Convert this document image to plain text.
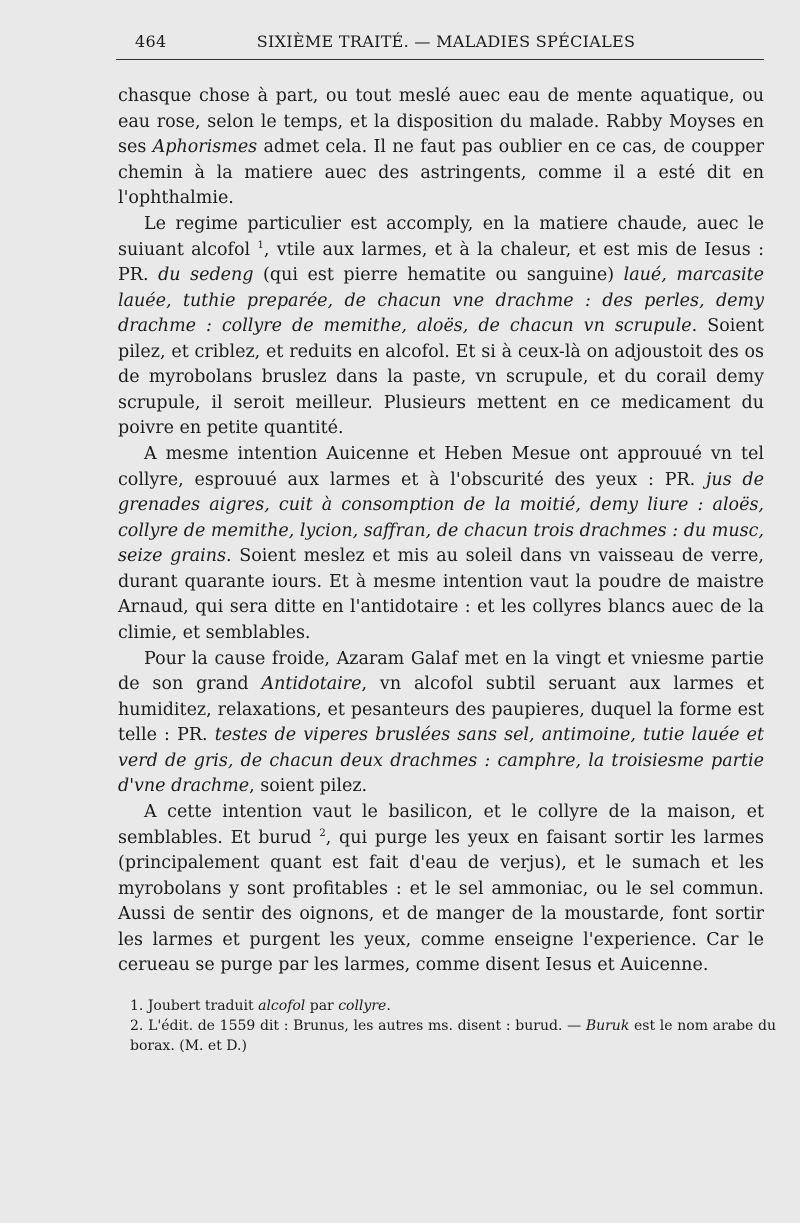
464	SIXIÈME TRAITÉ. — MALADIES SPÉCIALES

chasque chose à part, ou tout meslé auec eau de mente aquatique, ou eau rose, selon le temps, et la disposition du malade. Rabby Moyses en ses Aphorismes admet cela. Il ne faut pas oublier en ce cas, de coupper chemin à la matiere auec des astringents, comme il a esté dit en l'ophthalmie.

Le regime particulier est accomply, en la matiere chaude, auec le suiuant alcofol $^1$, vtile aux larmes, et à la chaleur, et est mis de Iesus : PR. du sedeng (qui est pierre hematite ou sanguine) laué, marcasite lauée, tuthie preparée, de chacun vne drachme : des perles, demy drachme : collyre de memithe, aloës, de chacun vn scrupule. Soient pilez, et criblez, et reduits en alcofol. Et si à ceux-là on adjoustoit des os de myrobolans bruslez dans la paste, vn scrupule, et du corail demy scrupule, il seroit meilleur. Plusieurs mettent en ce medicament du poivre en petite quantité.

A mesme intention Auicenne et Heben Mesue ont approuué vn tel collyre, esprouué aux larmes et à l'obscurité des yeux : PR. jus de grenades aigres, cuit à consomption de la moitié, demy liure : aloës, collyre de memithe, lycion, saffran, de chacun trois drachmes : du musc, seize grains. Soient meslez et mis au soleil dans vn vaisseau de verre, durant quarante iours. Et à mesme intention vaut la poudre de maistre Arnaud, qui sera ditte en l'antidotaire : et les collyres blancs auec de la climie, et semblables.

Pour la cause froide, Azaram Galaf met en la vingt et vniesme partie de son grand Antidotaire, vn alcofol subtil seruant aux larmes et humiditez, relaxations, et pesanteurs des paupieres, duquel la forme est telle : PR. testes de viperes bruslées sans sel, antimoine, tutie lauée et verd de gris, de chacun deux drachmes : camphre, la troisiesme partie d'vne drachme, soient pilez.

A cette intention vaut le basilicon, et le collyre de la maison, et semblables. Et burud $^2$, qui purge les yeux en faisant sortir les larmes (principalement quant est fait d'eau de verjus), et le sumach et les myrobolans y sont profitables : et le sel ammoniac, ou le sel commun. Aussi de sentir des oignons, et de manger de la moustarde, font sortir les larmes et purgent les yeux, comme enseigne l'experience. Car le cerueau se purge par les larmes, comme disent Iesus et Auicenne.

1. Joubert traduit alcofol par collyre.

2. L'édit. de 1559 dit : Brunus, les autres ms. disent : burud. — Buruk est le nom arabe du borax. (M. et D.)
